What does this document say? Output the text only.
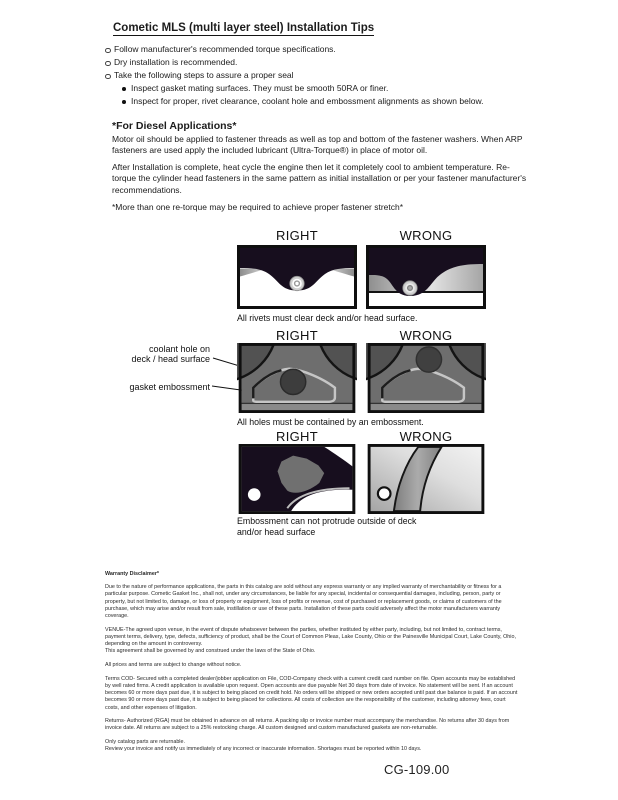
Cometic MLS (multi layer steel) Installation Tips
Follow manufacturer's recommended torque specifications.
Dry installation is recommended.
Take the following steps to assure a proper seal
Inspect gasket mating surfaces. They must be smooth 50RA or finer.
Inspect for proper, rivet clearance, coolant hole and embossment alignments as shown below.
*For Diesel Applications*
Motor oil should be applied to fastener threads as well as top and bottom of the fastener washers. When ARP fasteners are used apply the included lubricant (Ultra-Torque®) in place of motor oil.
After Installation is complete, heat cycle the engine then let it completely cool to ambient temperature. Re-torque the cylinder head fasteners in the same pattern as initial installation or per your fastener manufacturer's recommendations.
*More than one re-torque may be required to achieve proper fastener stretch*
RIGHT	WRONG
All rivets must clear deck and/or head surface.
RIGHT	WRONG
coolant hole on
deck / head surface
gasket embossment
All holes must be contained by an embossment.
RIGHT	WRONG
Embossment can not protrude outside of deck and/or head surface

Warranty Disclaimer*

Due to the nature of performance applications, the parts in this catalog are sold without any express warranty or any implied warranty of merchantability or fitness for a particular purpose. Cometic Gasket Inc., shall not, under any circumstances, be liable for any special, incidental or consequential damages, including, person, party or property, but not limited to, damage, or loss of property or equipment, loss of profits or revenue, cost of purchased or replacement goods, or claims of customers of the purchase, which may arise and/or result from sale, instillation or use of these parts. Installation of these parts could adversely affect the motor manufacturers warranty coverage.

VENUE-The agreed upon venue, in the event of dispute whatsoever between the parties, whether instituted by either party, including, but not limited to, contract terms, payment terms, delivery, type, defects, sufficiency of product, shall be the Court of Common Pleas, Lake County, Ohio or the Painesville Municipal Court, Lake County, Ohio, depending on the amount in controversy.
This agreement shall be governed by and construed under the laws of the State of Ohio.

All prices and terms are subject to change without notice.

Terms COD- Secured with a completed dealer/jobber application on File, COD-Company check with a current credit card number on file. Open accounts may be established by well rated firms. A credit application is available upon request. Open accounts are due payable Net 30 days from date of invoice. No statement will be sent. If an account becomes 60 or more days past due, it is subject to being placed on credit hold. No orders will be shipped or new orders accepted until past due balance is paid. If an account becomes 90 or more days past due, it is subject to being placed for collections. All costs of collection are the responsibility of the customer, including attorney fees, court costs, and other expenses of litigation.

Returns- Authorized (RGA) must be obtained in advance on all returns. A packing slip or invoice number must accompany the merchandise. No returns after 30 days from invoice date. All returns are subject to a 25% restocking charge. All custom designed and custom manufactured gaskets are non-returnable.

Only catalog parts are returnable.
Review your invoice and notify us immediately of any incorrect or inaccurate information. Shortages must be reported within 10 days.

CG-109.00
